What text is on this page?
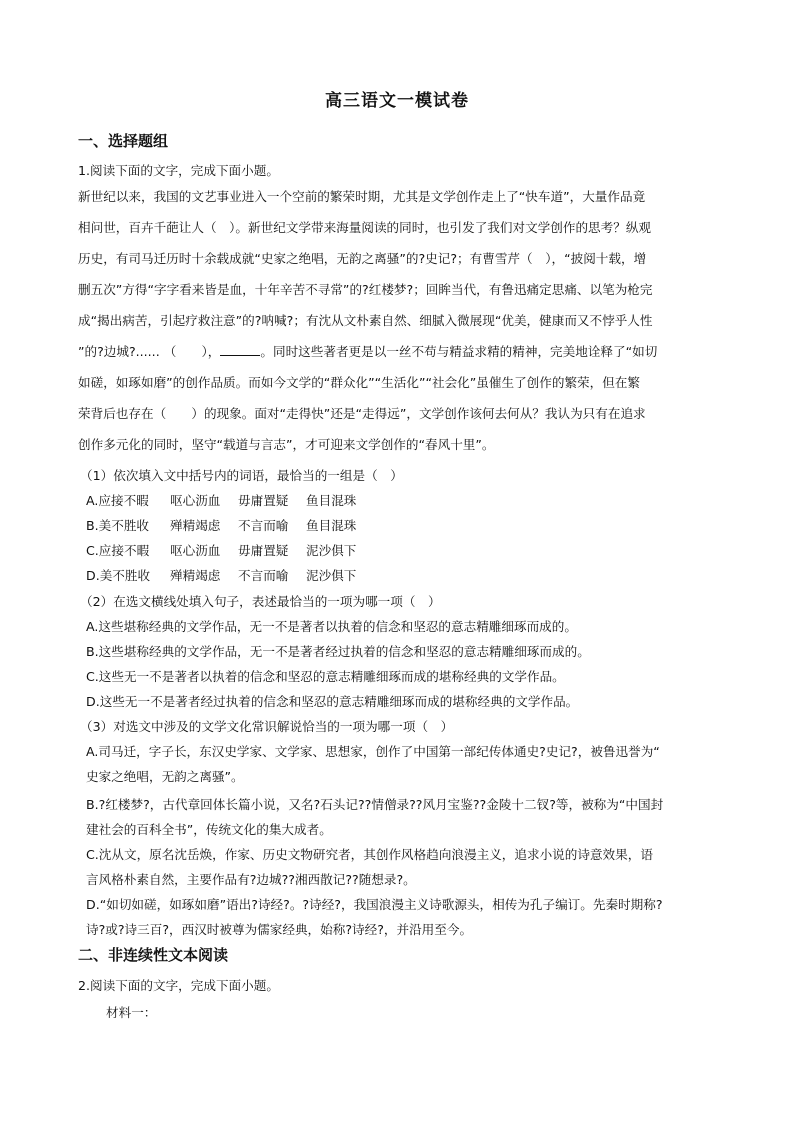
高三语文一模试卷
一、选择题组
1.阅读下面的文字，完成下面小题。
新世纪以来，我国的文艺事业进入一个空前的繁荣时期，尤其是文学创作走上了“快车道”，大量作品竟
相问世，百卉千葩让人（　）。新世纪文学带来海量阅读的同时，也引发了我们对文学创作的思考？纵观
历史，有司马迁历时十余载成就“史家之绝唱，无韵之离骚”的?史记?；有曹雪芹（　），“披阅十载，增
删五次”方得“字字看来皆是血，十年辛苦不寻常”的?红楼梦?；回眸当代，有鲁迅痛定思痛、以笔为枪完
成“揭出病苦，引起疗救注意”的?呐喊?；有沈从文朴素自然、细腻入微展现“优美，健康而又不悖乎人性
”的?边城?...... （　　），	。同时这些著者更是以一丝不苟与精益求精的精神，完美地诠释了“如切
如磋，如琢如磨”的创作品质。而如今文学的“群众化”“生活化”“社会化”虽催生了创作的繁荣，但在繁
荣背后也存在（　　）的现象。面对“走得快”还是“走得远”，文学创作该何去何从？我认为只有在追求
创作多元化的同时，坚守“载道与言志”，才可迎来文学创作的“春风十里”。
（1）依次填入文中括号内的词语，最恰当的一组是（　）
A.应接不暇	呕心沥血	毋庸置疑	鱼目混珠
B.美不胜收	殚精竭虑	不言而喻	鱼目混珠
C.应接不暇	呕心沥血	毋庸置疑	泥沙俱下
D.美不胜收	殚精竭虑	不言而喻	泥沙俱下
（2）在选文横线处填入句子，表述最恰当的一项为哪一项（　）
A.这些堪称经典的文学作品，无一不是著者以执着的信念和坚忍的意志精雕细琢而成的。
B.这些堪称经典的文学作品，无一不是著者经过执着的信念和坚忍的意志精雕细琢而成的。
C.这些无一不是著者以执着的信念和坚忍的意志精雕细琢而成的堪称经典的文学作品。
D.这些无一不是著者经过执着的信念和坚忍的意志精雕细琢而成的堪称经典的文学作品。
（3）对选文中涉及的文学文化常识解说恰当的一项为哪一项（　）
A.司马迁，字子长，东汉史学家、文学家、思想家，创作了中国第一部纪传体通史?史记?，被鲁迅誉为“
史家之绝唱，无韵之离骚”。
B.?红楼梦?，古代章回体长篇小说，又名?石头记??情僧录??风月宝鉴??金陵十二钗?等，被称为“中国封
建社会的百科全书”，传统文化的集大成者。
C.沈从文，原名沈岳焕，作家、历史文物研究者，其创作风格趋向浪漫主义，追求小说的诗意效果，语
言风格朴素自然，主要作品有?边城??湘西散记??随想录?。
D.“如切如磋，如琢如磨”语出?诗经?。?诗经?，我国浪漫主义诗歌源头，相传为孔子编订。先秦时期称?
诗?或?诗三百?，西汉时被尊为儒家经典，始称?诗经?，并沿用至今。
二、非连续性文本阅读
2.阅读下面的文字，完成下面小题。
材料一：
